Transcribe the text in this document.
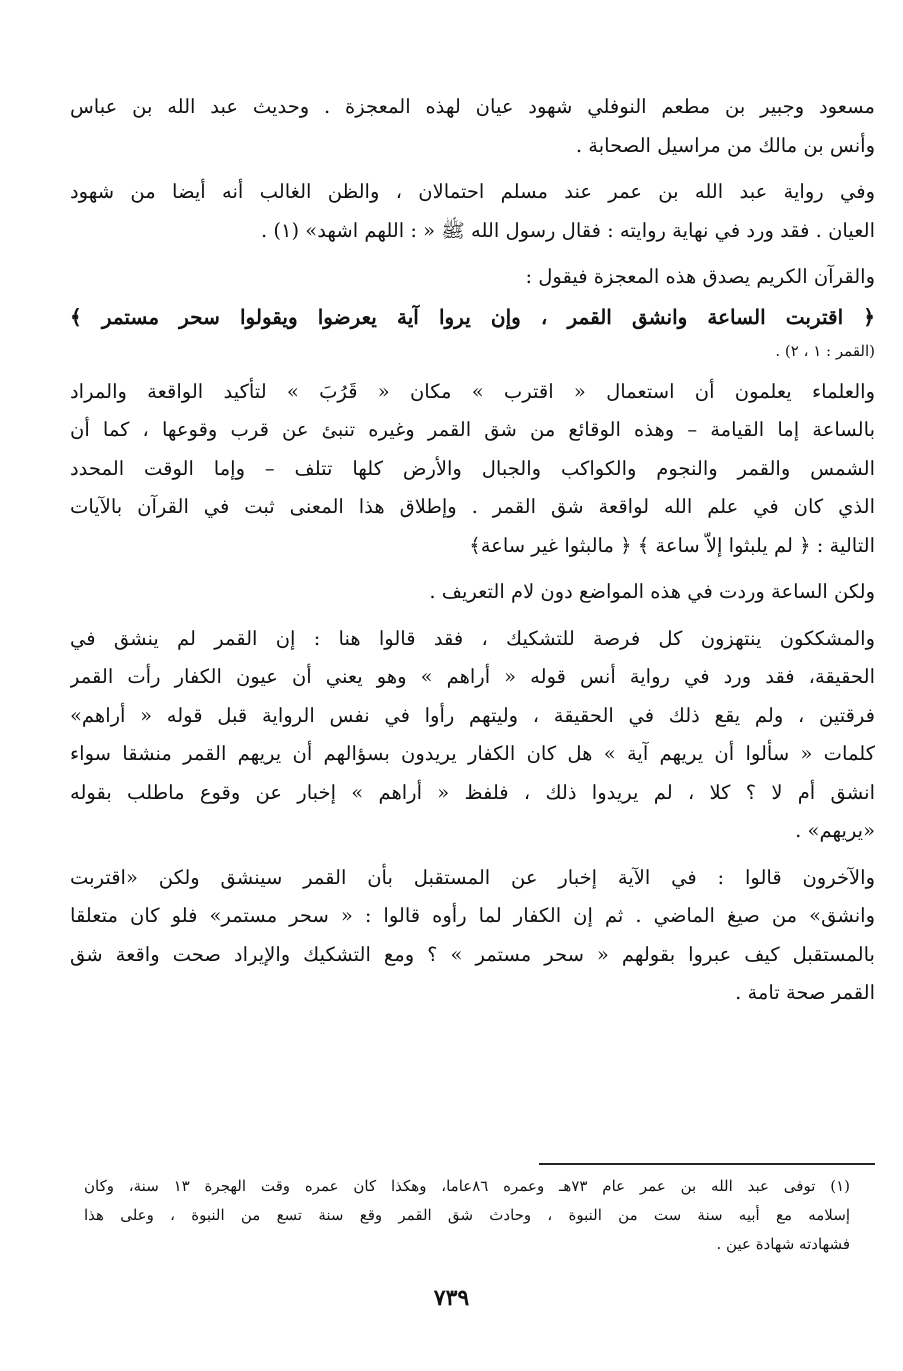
مسعود وجبير بن مطعم النوفلي شهود عيان لهذه المعجزة . وحديث عبد الله بن عباس
وأنس بن مالك من مراسيل الصحابة .
وفي رواية عبد الله بن عمر عند مسلم احتمالان ، والظن الغالب أنه أيضا من شهود
العيان . فقد ورد في نهاية روايته : فقال رسول الله ﷺ « : اللهم اشهد» (١) .
والقرآن الكريم يصدق هذه المعجزة فيقول :
﴿ اقتربت الساعة وانشق القمر ، وإن يروا آية يعرضوا ويقولوا سحر مستمر ﴾
(القمر : ١ ، ٢) .
والعلماء يعلمون أن استعمال « اقترب » مكان « قَرُبَ » لتأكيد الواقعة والمراد
بالساعة إما القيامة – وهذه الوقائع من شق القمر وغيره تنبئ عن قرب وقوعها ، كما أن
الشمس والقمر والنجوم والكواكب والجبال والأرض كلها تتلف – وإما الوقت المحدد
الذي كان في علم الله لواقعة شق القمر . وإطلاق هذا المعنى ثبت في القرآن بالآيات
التالية : ﴿ لم يلبثوا إلاّ ساعة ﴾ ﴿ مالبثوا غير ساعة﴾
ولكن الساعة وردت في هذه المواضع دون لام التعريف .
والمشككون ينتهزون كل فرصة للتشكيك ، فقد قالوا هنا : إن القمر لم ينشق في
الحقيقة، فقد ورد في رواية أنس قوله « أراهم » وهو يعني أن عيون الكفار رأت القمر
فرقتين ، ولم يقع ذلك في الحقيقة ، وليتهم رأوا في نفس الرواية قبل قوله « أراهم»
كلمات « سألوا أن يريهم آية » هل كان الكفار يريدون بسؤالهم أن يريهم القمر منشقا سواء
انشق أم لا ؟ كلا ، لم يريدوا ذلك ، فلفظ « أراهم » إخبار عن وقوع ماطلب بقوله
«يريهم» .
والآخرون قالوا : في الآية إخبار عن المستقبل بأن القمر سينشق ولكن «اقتربت
وانشق» من صيغ الماضي . ثم إن الكفار لما رأوه قالوا : « سحر مستمر» فلو كان متعلقا
بالمستقبل كيف عبروا بقولهم « سحر مستمر » ؟ ومع التشكيك والإيراد صحت واقعة شق
القمر صحة تامة .
(١) توفى عبد الله بن عمر عام ٧٣هـ وعمره ٨٦عاما، وهكذا كان عمره وقت الهجرة ١٣ سنة، وكان
إسلامه مع أبيه سنة ست من النبوة ، وحادث شق القمر وقع سنة تسع من النبوة ، وعلى هذا
فشهادته شهادة عين .
٧٣٩
